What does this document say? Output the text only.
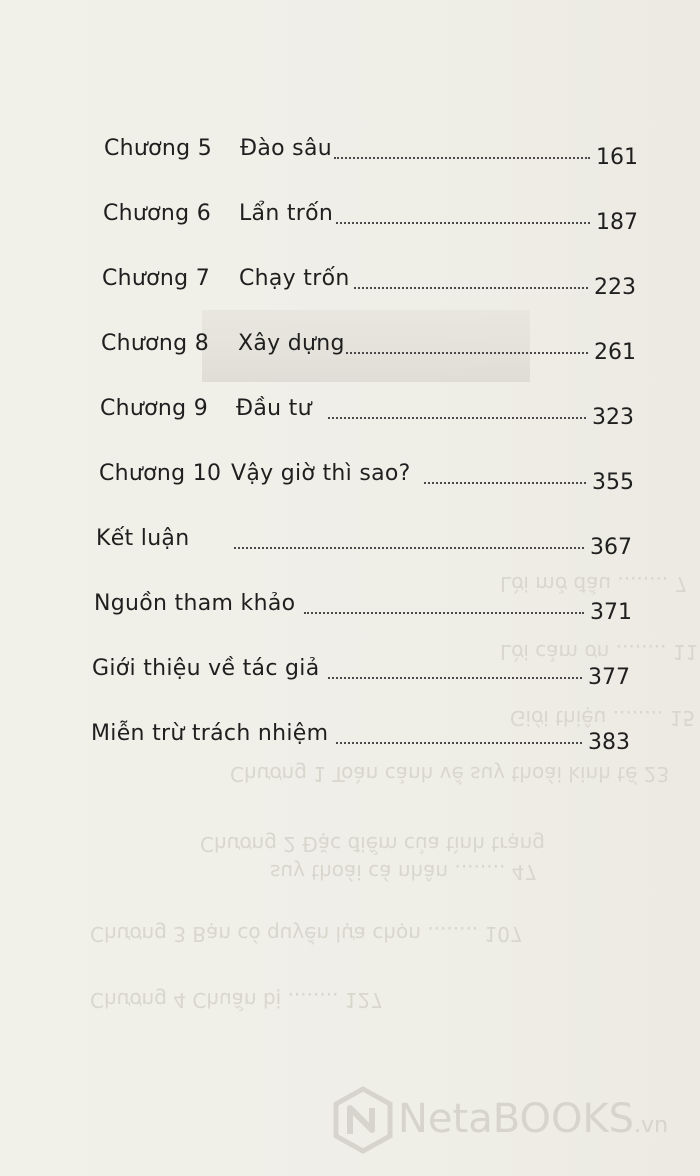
Lời mở đầu ........ 7
Lời cảm ơn ........ 11
Giới thiệu ........ 15
Chương 1 Toàn cảnh về suy thoái kinh tế 23
Chương 2 Đặc điểm của tình trạng
suy thoái cá nhân ........ 47
Chương 3 Bạn có quyền lựa chọn ........ 107
Chương 4 Chuẩn bị ........ 127
Chương 5 Đào sâu	161
Chương 6 Lẩn trốn	187
Chương 7 Chạy trốn	223
Chương 8 Xây dựng	261
Chương 9 Đầu tư	323
Chương 10 Vậy giờ thì sao?	355
Kết luận	367
Nguồn tham khảo	371
Giới thiệu về tác giả	377
Miễn trừ trách nhiệm	383
NetaBOOKS.vn
